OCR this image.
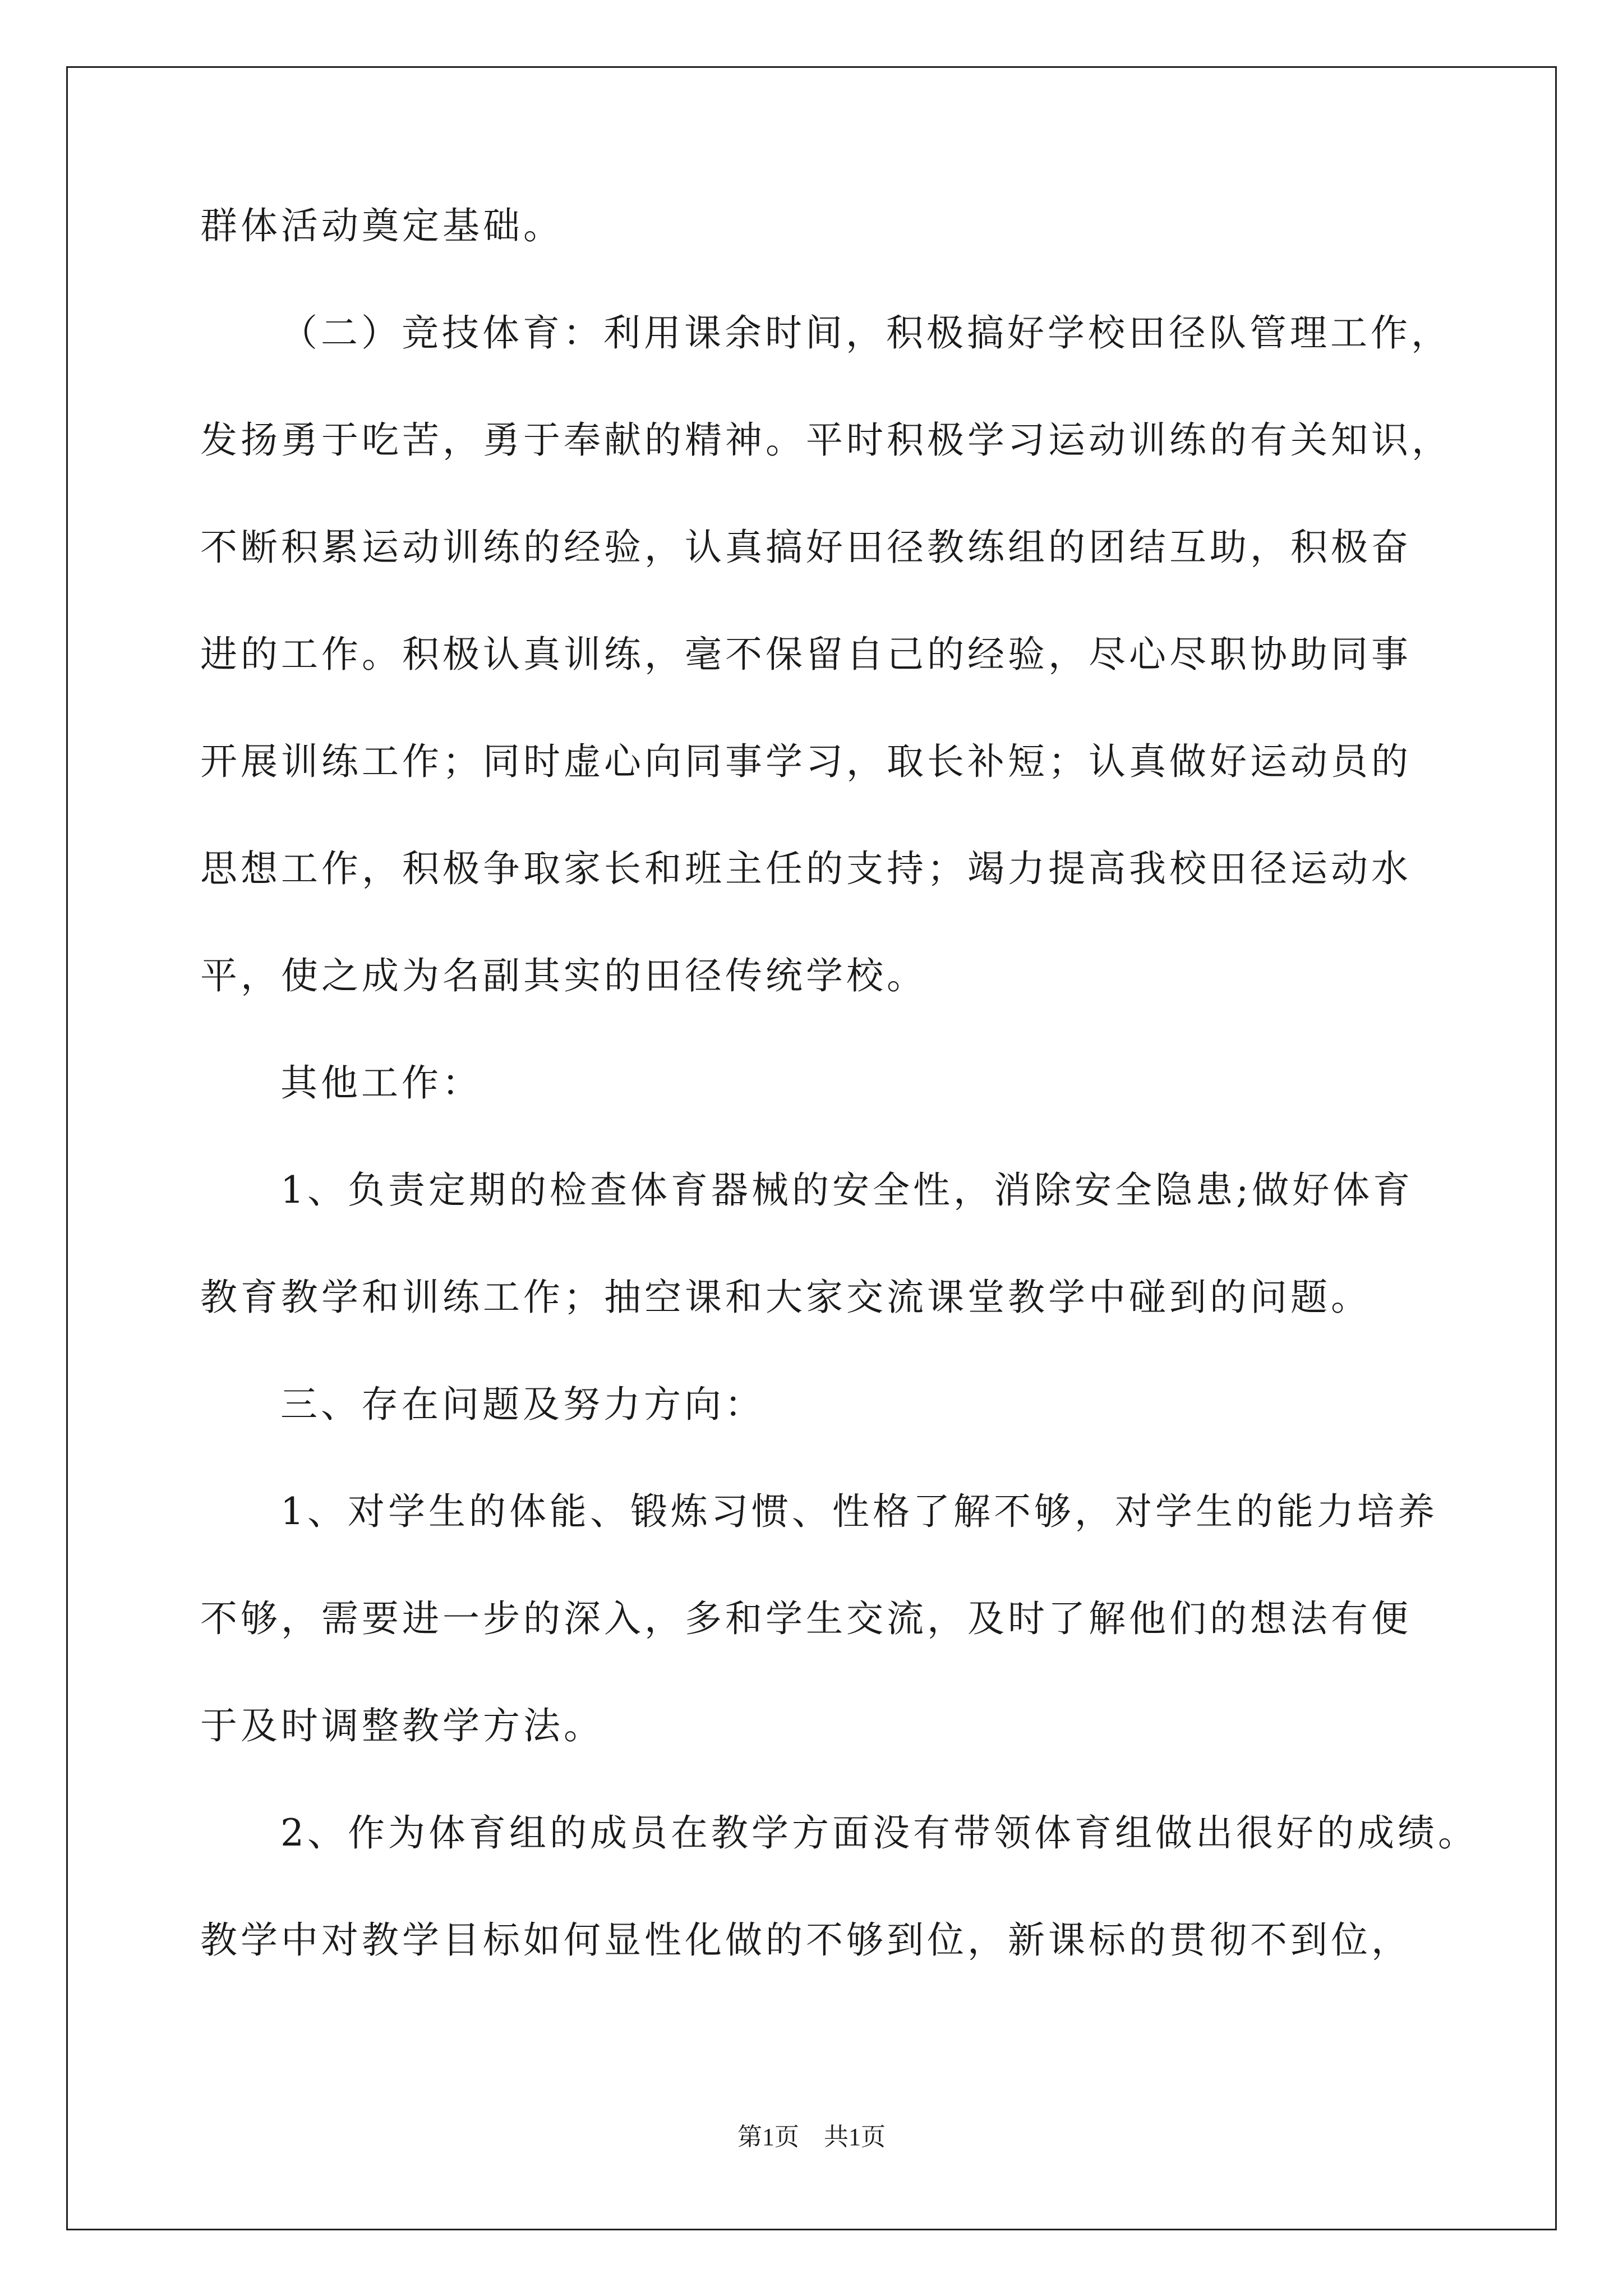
群体活动奠定基础。
（二）竞技体育：利用课余时间，积极搞好学校田径队管理工作，
发扬勇于吃苦，勇于奉献的精神。平时积极学习运动训练的有关知识，
不断积累运动训练的经验，认真搞好田径教练组的团结互助，积极奋
进的工作。积极认真训练，毫不保留自己的经验，尽心尽职协助同事
开展训练工作；同时虚心向同事学习，取长补短；认真做好运动员的
思想工作，积极争取家长和班主任的支持；竭力提高我校田径运动水
平，使之成为名副其实的田径传统学校。
其他工作：
1、负责定期的检查体育器械的安全性，消除安全隐患;做好体育
教育教学和训练工作；抽空课和大家交流课堂教学中碰到的问题。
三、存在问题及努力方向：
1、对学生的体能、锻炼习惯、性格了解不够，对学生的能力培养
不够，需要进一步的深入，多和学生交流，及时了解他们的想法有便
于及时调整教学方法。
2、作为体育组的成员在教学方面没有带领体育组做出很好的成绩。
教学中对教学目标如何显性化做的不够到位，新课标的贯彻不到位，
第1页　共1页
